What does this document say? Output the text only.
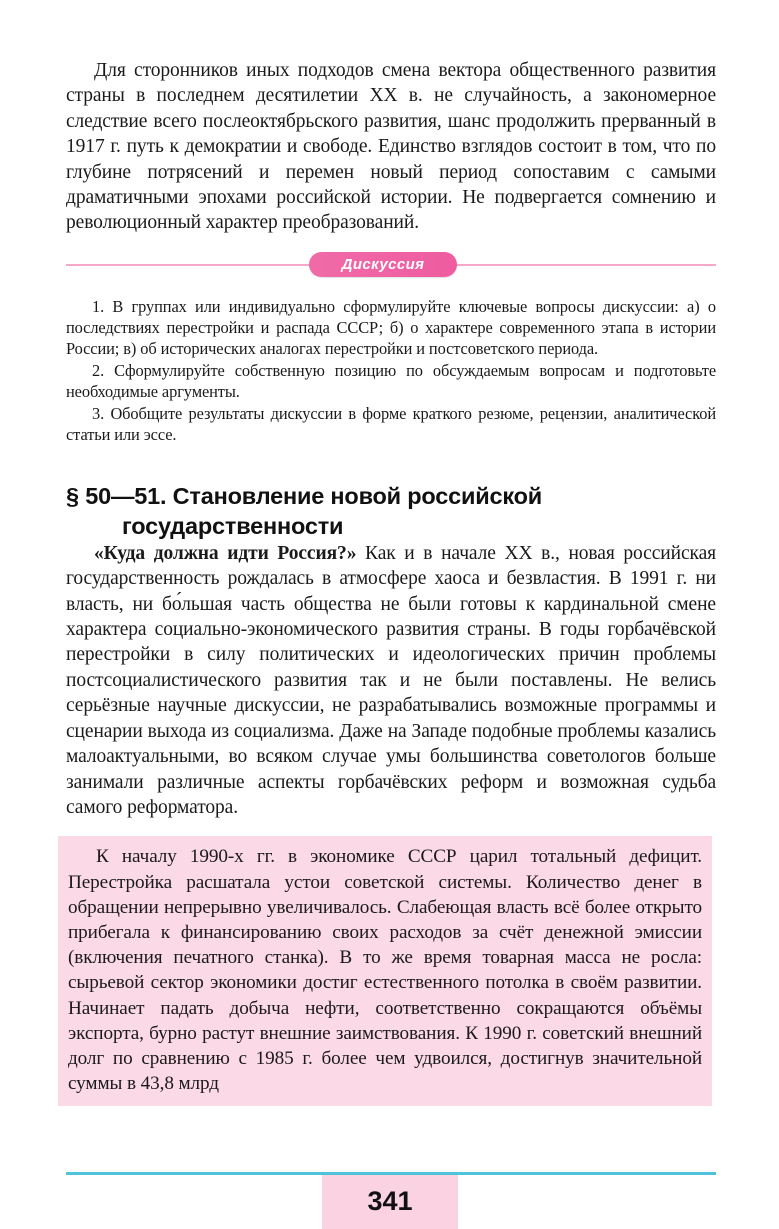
Для сторонников иных подходов смена вектора общественного развития страны в последнем десятилетии XX в. не случайность, а закономерное следствие всего послеоктябрьского развития, шанс продолжить прерванный в 1917 г. путь к демократии и свободе. Единство взглядов состоит в том, что по глубине потрясений и перемен новый период сопоставим с самыми драматичными эпохами российской истории. Не подвергается сомнению и революционный характер преобразований.

Дискуссия
1. В группах или индивидуально сформулируйте ключевые вопросы дискуссии: а) о последствиях перестройки и распада СССР; б) о характере современного этапа в истории России; в) об исторических аналогах перестройки и постсоветского периода.
2. Сформулируйте собственную позицию по обсуждаемым вопросам и подготовьте необходимые аргументы.
3. Обобщите результаты дискуссии в форме краткого резюме, рецензии, аналитической статьи или эссе.
§ 50—51. Становление новой российской
государственности

«Куда должна идти Россия?» Как и в начале XX в., новая российская государственность рождалась в атмосфере хаоса и безвластия. В 1991 г. ни власть, ни бо́льшая часть общества не были готовы к кардинальной смене характера социально-экономического развития страны. В годы горбачёвской перестройки в силу политических и идеологических причин проблемы постсоциалистического развития так и не были поставлены. Не велись серьёзные научные дискуссии, не разрабатывались возможные программы и сценарии выхода из социализма. Даже на Западе подобные проблемы казались малоактуальными, во всяком случае умы большинства советологов больше занимали различные аспекты горбачёвских реформ и возможная судьба самого реформатора.

К началу 1990-х гг. в экономике СССР царил тотальный дефицит. Перестройка расшатала устои советской системы. Количество денег в обращении непрерывно увеличивалось. Слабеющая власть всё более открыто прибегала к финансированию своих расходов за счёт денежной эмиссии (включения печатного станка). В то же время товарная масса не росла: сырьевой сектор экономики достиг естественного потолка в своём развитии. Начинает падать добыча нефти, соответственно сокращаются объёмы экспорта, бурно растут внешние заимствования. К 1990 г. советский внешний долг по сравнению с 1985 г. более чем удвоился, достигнув значительной суммы в 43,8 млрд

341
